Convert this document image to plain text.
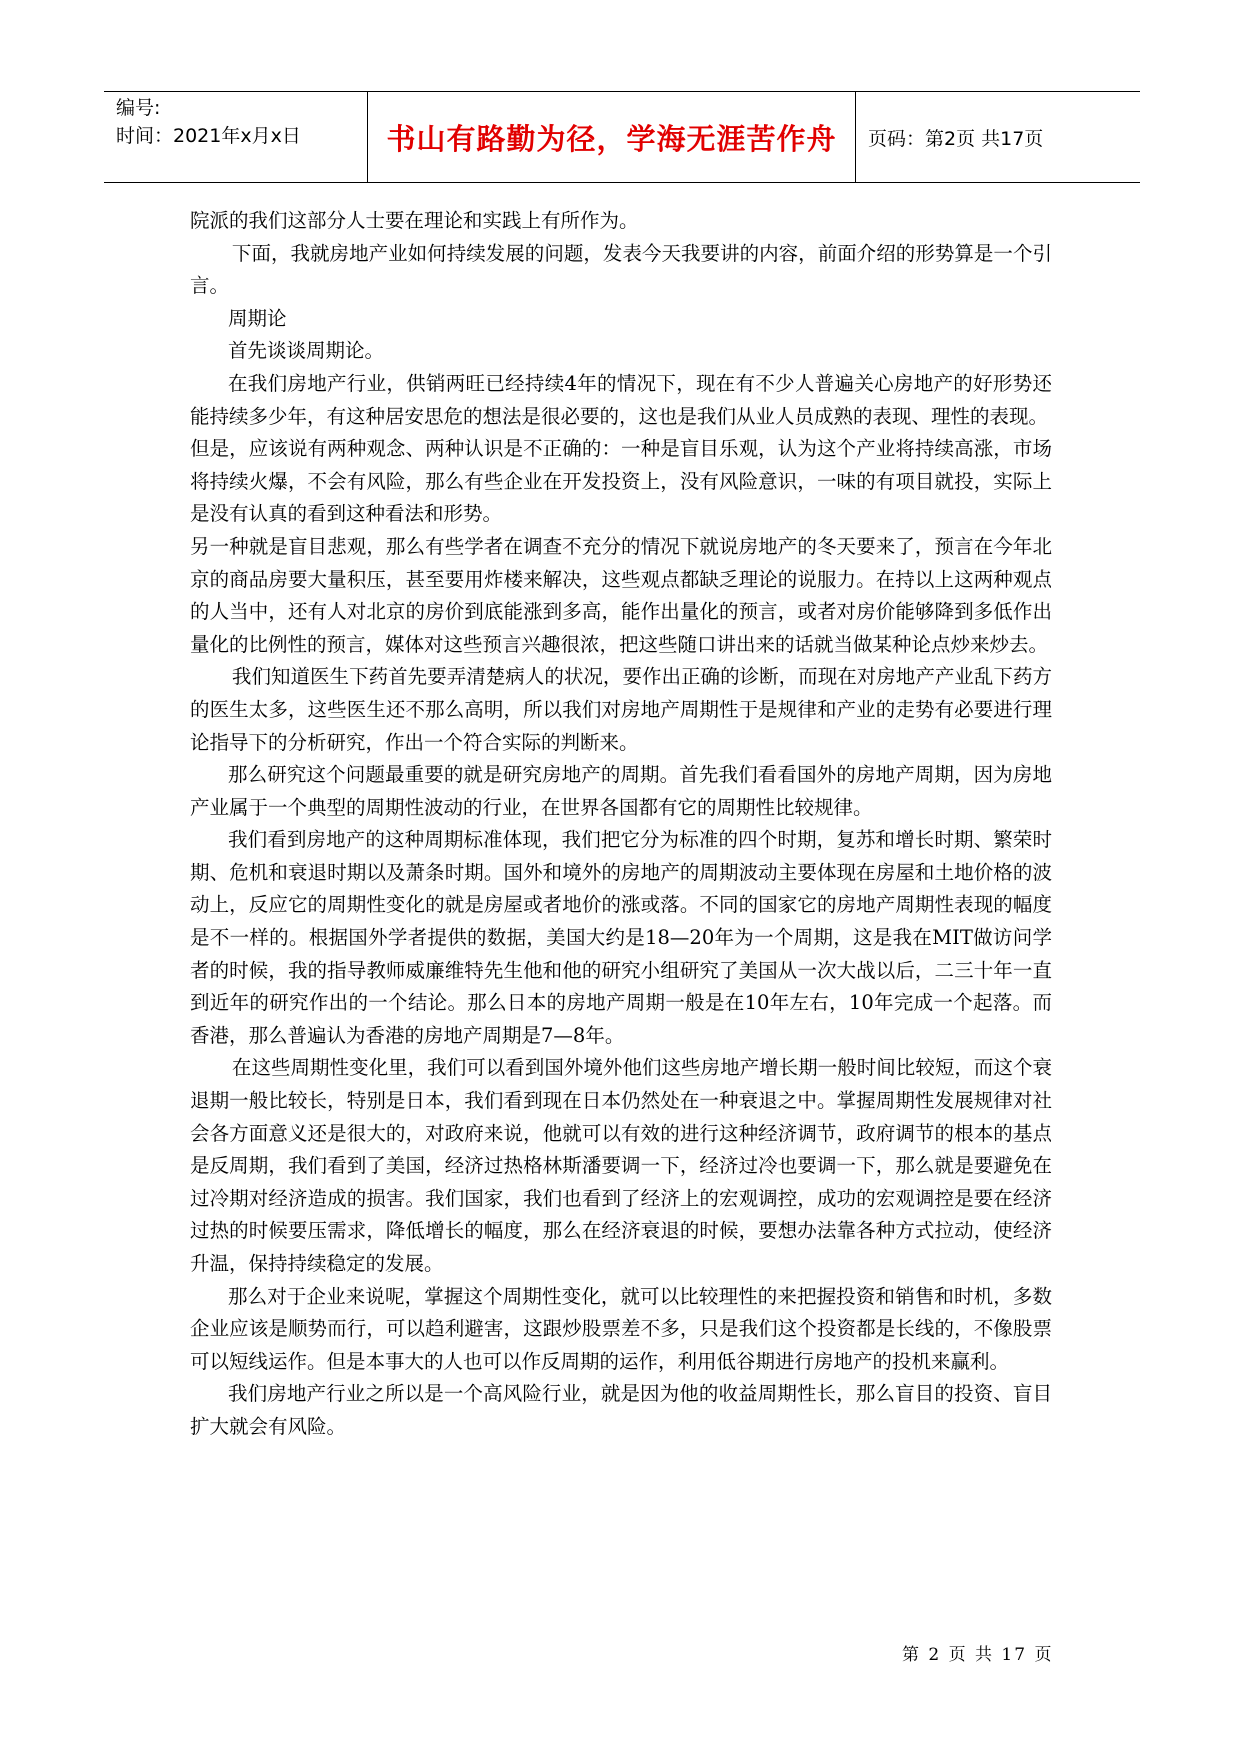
编号:
时间：2021年x月x日	书山有路勤为径，学海无涯苦作舟	页码：第2页 共17页

院派的我们这部分人士要在理论和实践上有所作为。

下面，我就房地产业如何持续发展的问题，发表今天我要讲的内容，前面介绍的形势算是一个引言。

周期论

首先谈谈周期论。

在我们房地产行业，供销两旺已经持续4年的情况下，现在有不少人普遍关心房地产的好形势还能持续多少年，有这种居安思危的想法是很必要的，这也是我们从业人员成熟的表现、理性的表现。

但是，应该说有两种观念、两种认识是不正确的：一种是盲目乐观，认为这个产业将持续高涨，市场将持续火爆，不会有风险，那么有些企业在开发投资上，没有风险意识，一味的有项目就投，实际上是没有认真的看到这种看法和形势。

另一种就是盲目悲观，那么有些学者在调查不充分的情况下就说房地产的冬天要来了，预言在今年北京的商品房要大量积压，甚至要用炸楼来解决，这些观点都缺乏理论的说服力。在持以上这两种观点的人当中，还有人对北京的房价到底能涨到多高，能作出量化的预言，或者对房价能够降到多低作出量化的比例性的预言，媒体对这些预言兴趣很浓，把这些随口讲出来的话就当做某种论点炒来炒去。

我们知道医生下药首先要弄清楚病人的状况，要作出正确的诊断，而现在对房地产产业乱下药方的医生太多，这些医生还不那么高明，所以我们对房地产周期性于是规律和产业的走势有必要进行理论指导下的分析研究，作出一个符合实际的判断来。

那么研究这个问题最重要的就是研究房地产的周期。首先我们看看国外的房地产周期，因为房地产业属于一个典型的周期性波动的行业，在世界各国都有它的周期性比较规律。

我们看到房地产的这种周期标准体现，我们把它分为标准的四个时期，复苏和增长时期、繁荣时期、危机和衰退时期以及萧条时期。国外和境外的房地产的周期波动主要体现在房屋和土地价格的波动上，反应它的周期性变化的就是房屋或者地价的涨或落。不同的国家它的房地产周期性表现的幅度是不一样的。根据国外学者提供的数据，美国大约是18—20年为一个周期，这是我在MIT做访问学者的时候，我的指导教师威廉维特先生他和他的研究小组研究了美国从一次大战以后，二三十年一直到近年的研究作出的一个结论。那么日本的房地产周期一般是在10年左右，10年完成一个起落。而香港，那么普遍认为香港的房地产周期是7—8年。

在这些周期性变化里，我们可以看到国外境外他们这些房地产增长期一般时间比较短，而这个衰退期一般比较长，特别是日本，我们看到现在日本仍然处在一种衰退之中。掌握周期性发展规律对社会各方面意义还是很大的，对政府来说，他就可以有效的进行这种经济调节，政府调节的根本的基点是反周期，我们看到了美国，经济过热格林斯潘要调一下，经济过冷也要调一下，那么就是要避免在过冷期对经济造成的损害。我们国家，我们也看到了经济上的宏观调控，成功的宏观调控是要在经济过热的时候要压需求，降低增长的幅度，那么在经济衰退的时候，要想办法靠各种方式拉动，使经济升温，保持持续稳定的发展。

那么对于企业来说呢，掌握这个周期性变化，就可以比较理性的来把握投资和销售和时机，多数企业应该是顺势而行，可以趋利避害，这跟炒股票差不多，只是我们这个投资都是长线的，不像股票可以短线运作。但是本事大的人也可以作反周期的运作，利用低谷期进行房地产的投机来赢利。

我们房地产行业之所以是一个高风险行业，就是因为他的收益周期性长，那么盲目的投资、盲目扩大就会有风险。

第 2 页 共 17 页
